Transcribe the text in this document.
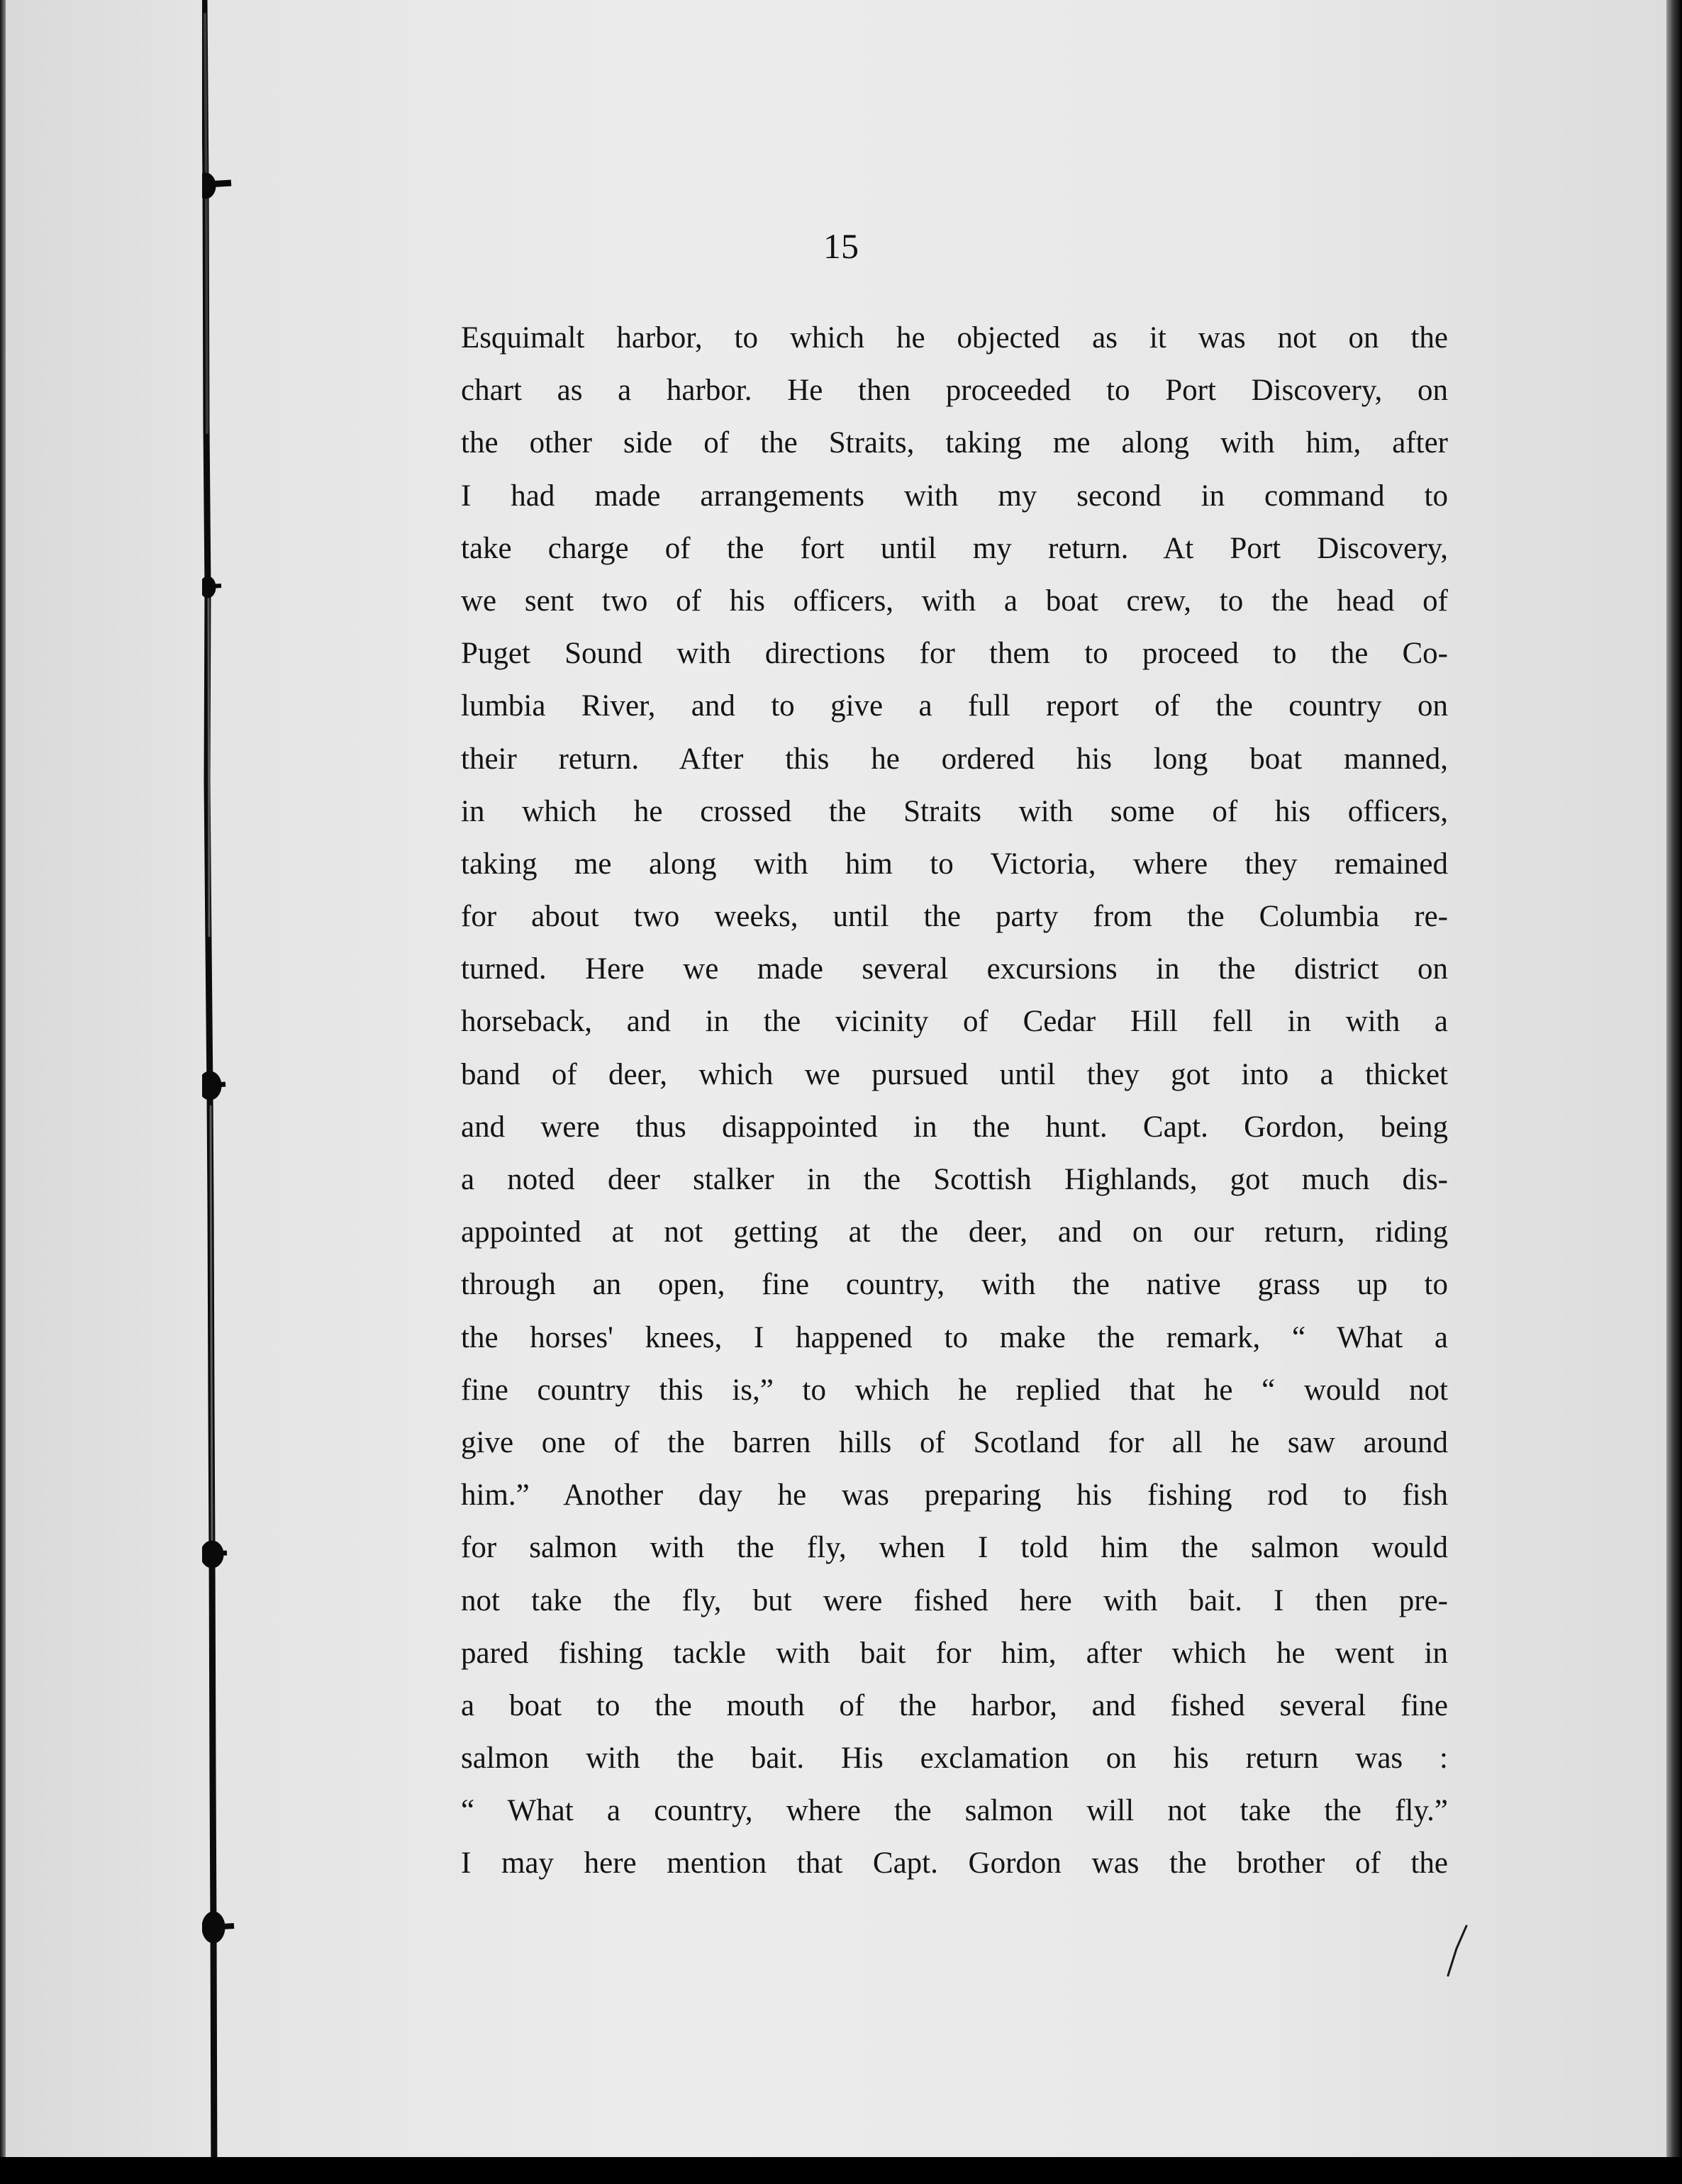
15
Esquimalt harbor, to which he objected as it was not on the
chart as a harbor. He then proceeded to Port Discovery, on
the other side of the Straits, taking me along with him, after
I had made arrangements with my second in command to
take charge of the fort until my return. At Port Discovery,
we sent two of his officers, with a boat crew, to the head of
Puget Sound with directions for them to proceed to the Co-
lumbia River, and to give a full report of the country on
their return. After this he ordered his long boat manned,
in which he crossed the Straits with some of his officers,
taking me along with him to Victoria, where they remained
for about two weeks, until the party from the Columbia re-
turned. Here we made several excursions in the district on
horseback, and in the vicinity of Cedar Hill fell in with a
band of deer, which we pursued until they got into a thicket
and were thus disappointed in the hunt. Capt. Gordon, being
a noted deer stalker in the Scottish Highlands, got much dis-
appointed at not getting at the deer, and on our return, riding
through an open, fine country, with the native grass up to
the horses' knees, I happened to make the remark, “ What a
fine country this is,” to which he replied that he “ would not
give one of the barren hills of Scotland for all he saw around
him.” Another day he was preparing his fishing rod to fish
for salmon with the fly, when I told him the salmon would
not take the fly, but were fished here with bait. I then pre-
pared fishing tackle with bait for him, after which he went in
a boat to the mouth of the harbor, and fished several fine
salmon with the bait. His exclamation on his return was :
“ What a country, where the salmon will not take the fly.”
I may here mention that Capt. Gordon was the brother of the
